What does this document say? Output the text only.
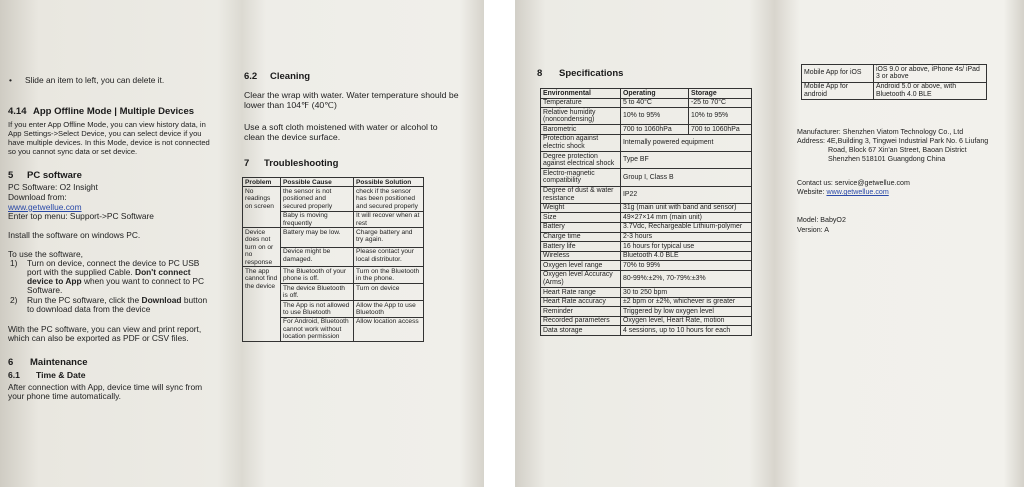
• Slide an item to left, you can delete it.
4.14 App Offline Mode | Multiple Devices
If you enter App Offline Mode, you can view history data, in
App Settings->Select Device, you can select device if you
have multiple devices. In this Mode, device is not connected
so you cannot sync data or set device.
5 PC software
PC Software: O2 Insight
Download from:
www.getwellue.com
Enter top menu: Support->PC Software
Install the software on windows PC.
To use the software,
1) Turn on device, connect the device to PC USB
port with the supplied Cable. Don't connect
device to App when you want to connect to PC
Software.
2) Run the PC software, click the Download button
to download data from the device
With the PC software, you can view and print report,
which can also be exported as PDF or CSV files.
6 Maintenance
6.1 Time & Date
After connection with App, device time will sync from
your phone time automatically.
6.2 Cleaning
Clear the wrap with water. Water temperature should be
lower than 104℉ (40℃)
Use a soft cloth moistened with water or alcohol to
clean the device surface.
7 Troubleshooting
Problem	Possible Cause	Possible Solution
No readings on screen	the sensor is not positioned and secured properly	check if the sensor has been positioned and secured properly
	Baby is moving frequently	It will recover when at rest
Device does not turn on or no response	Battery may be low.	Charge battery and try again.
	Device might be damaged.	Please contact your local distributor.
The app cannot find the device	The Bluetooth of your phone is off.	Turn on the Bluetooth in the phone.
	The device Bluetooth is off.	Turn on device
	The App is not allowed to use Bluetooth	Allow the App to use Bluetooth
	For Android, Bluetooth cannot work without location permission	Allow location access
8 Specifications
Environmental	Operating	Storage
Temperature	5 to 40°C	-25 to 70°C
Relative humidity (noncondensing)	10% to 95%	10% to 95%
Barometric	700 to 1060hPa	700 to 1060hPa
Protection against electric shock	Internally powered equipment	
Degree protection against electrical shock	Type BF	
Electro-magnetic compatibility	Group I, Class B	
Degree of dust & water resistance	IP22	
Weight	31g (main unit with band and sensor)	
Size	49×27×14 mm (main unit)	
Battery	3.7Vdc, Rechargeable Lithium-polymer	
Charge time	2-3 hours	
Battery life	16 hours for typical use	
Wireless	Bluetooth 4.0 BLE	
Oxygen level range	70% to 99%	
Oxygen level Accuracy (Arms)	80-99%:±2%, 70-79%:±3%	
Heart Rate range	30 to 250 bpm	
Heart Rate accuracy	±2 bpm or ±2%, whichever is greater	
Reminder	Triggered by low oxygen level	
Recorded parameters	Oxygen level, Heart Rate, motion	
Data storage	4 sessions, up to 10 hours for each	
Mobile App for iOS	iOS 9.0 or above, iPhone 4s/ iPad 3 or above
Mobile App for android	Android 5.0 or above, with Bluetooth 4.0 BLE
Manufacturer: Shenzhen Viatom Technology Co., Ltd
Address: 4E,Building 3, Tingwei Industrial Park No. 6 Liufang
Road, Block 67 Xin'an Street, Baoan District
Shenzhen 518101 Guangdong China
Contact us: service@getwellue.com
Website: www.getwellue.com
Model: BabyO2
Version: A
